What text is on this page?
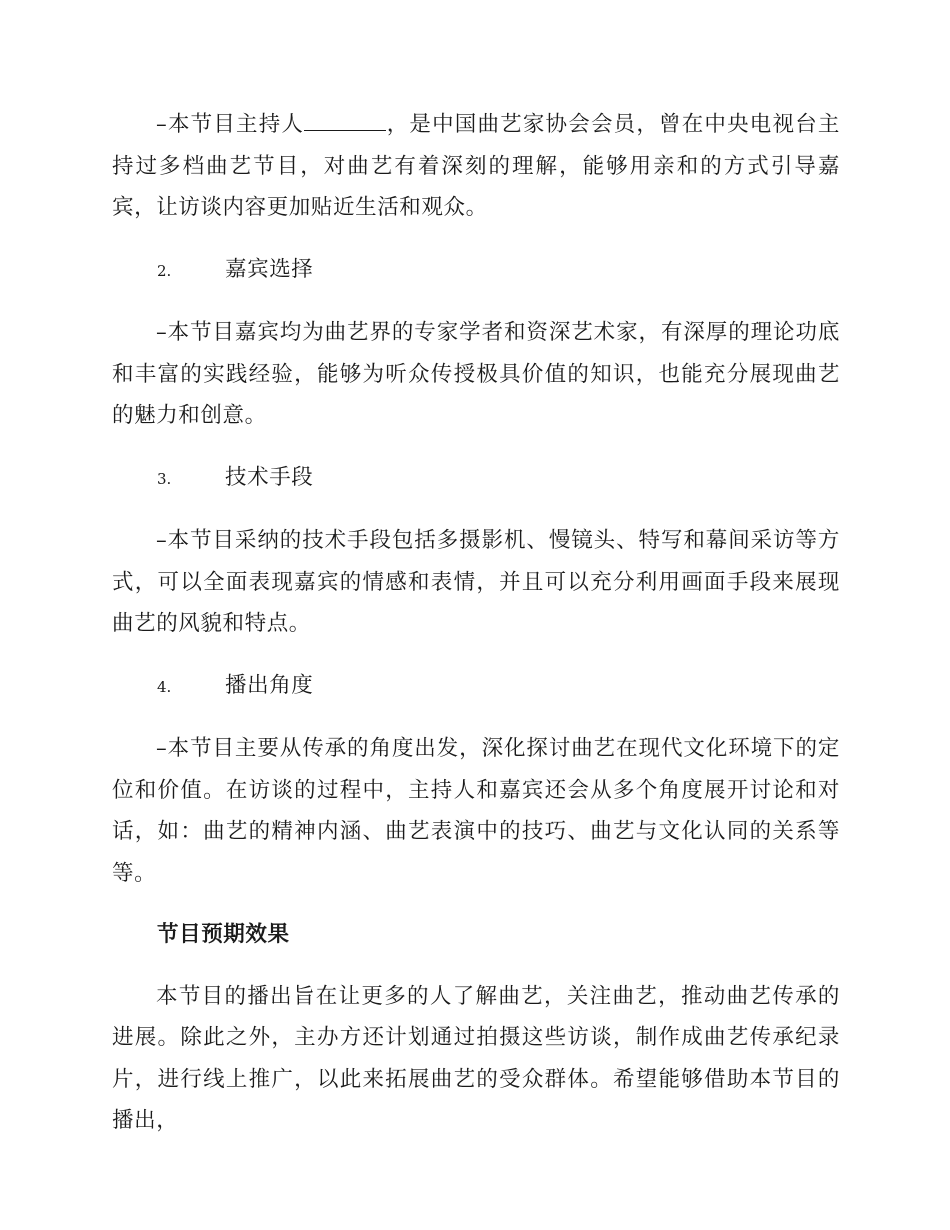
–本节目主持人	，是中国曲艺家协会会员，曾在中央电视台主持过多档曲艺节目，对曲艺有着深刻的理解，能够用亲和的方式引导嘉宾，让访谈内容更加贴近生活和观众。

2.	嘉宾选择

–本节目嘉宾均为曲艺界的专家学者和资深艺术家，有深厚的理论功底和丰富的实践经验，能够为听众传授极具价值的知识，也能充分展现曲艺的魅力和创意。

3.	技术手段

–本节目采纳的技术手段包括多摄影机、慢镜头、特写和幕间采访等方式，可以全面表现嘉宾的情感和表情，并且可以充分利用画面手段来展现曲艺的风貌和特点。

4.	播出角度

–本节目主要从传承的角度出发，深化探讨曲艺在现代文化环境下的定位和价值。在访谈的过程中，主持人和嘉宾还会从多个角度展开讨论和对话，如：曲艺的精神内涵、曲艺表演中的技巧、曲艺与文化认同的关系等等。

节目预期效果

本节目的播出旨在让更多的人了解曲艺，关注曲艺，推动曲艺传承的进展。除此之外，主办方还计划通过拍摄这些访谈，制作成曲艺传承纪录片，进行线上推广，以此来拓展曲艺的受众群体。希望能够借助本节目的播出，
